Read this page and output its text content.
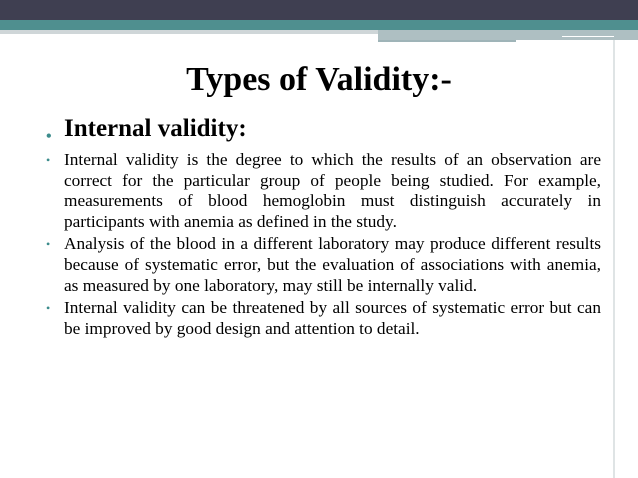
Types of Validity:-
• Internal validity:
• Internal validity is the degree to which the results of an observation are correct for the particular group of people being studied. For example, measurements of blood hemoglobin must distinguish accurately in participants with anemia as defined in the study.
• Analysis of the blood in a different laboratory may produce different results because of systematic error, but the evaluation of associations with anemia, as measured by one laboratory, may still be internally valid.
• Internal validity can be threatened by all sources of systematic error but can be improved by good design and attention to detail.
